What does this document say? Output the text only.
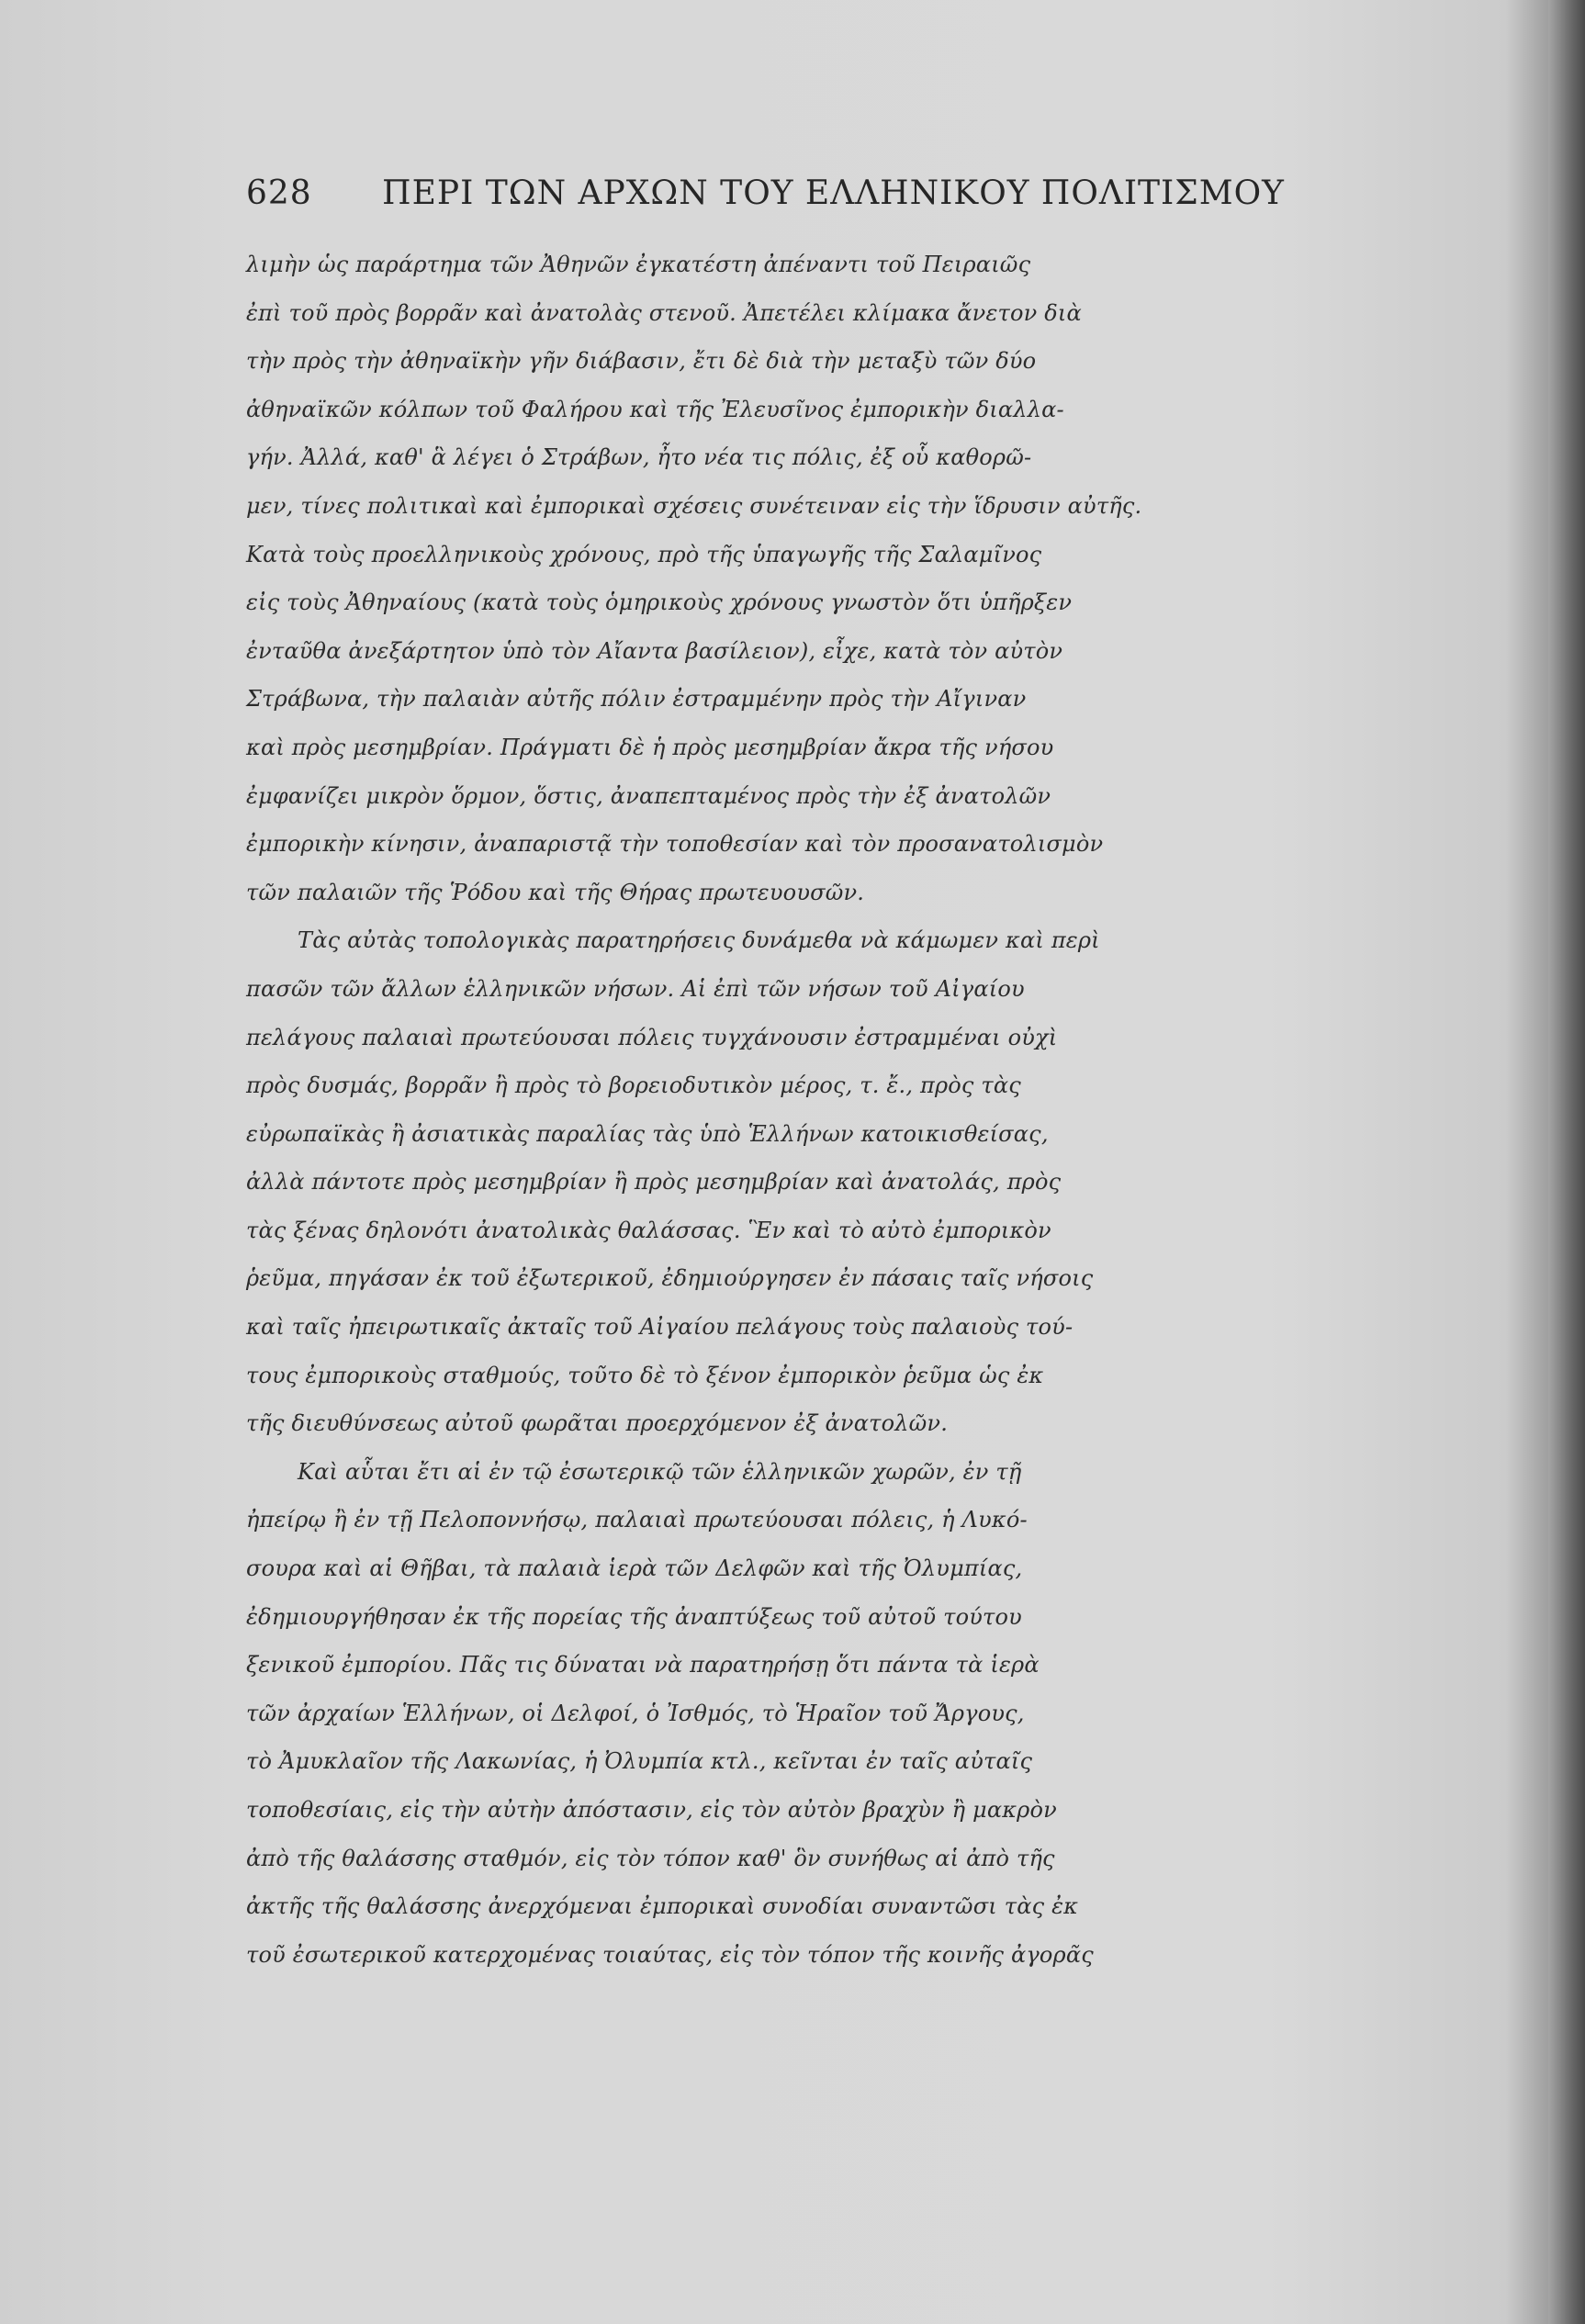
628 ΠΕΡΙ ΤΩΝ ΑΡΧΩΝ ΤΟΥ ΕΛΛΗΝΙΚΟΥ ΠΟΛΙΤΙΣΜΟΥ
λιμὴν ὡς παράρτημα τῶν Ἀθηνῶν ἐγκατέστη ἀπέναντι τοῦ Πειραιῶς
ἐπὶ τοῦ πρὸς βορρᾶν καὶ ἀνατολὰς στενοῦ. Ἀπετέλει κλίμακα ἄνετον διὰ
τὴν πρὸς τὴν ἀθηναϊκὴν γῆν διάβασιν, ἔτι δὲ διὰ τὴν μεταξὺ τῶν δύο
ἀθηναϊκῶν κόλπων τοῦ Φαλήρου καὶ τῆς Ἐλευσῖνος ἐμπορικὴν διαλλα-
γήν. Ἀλλά, καθ' ἃ λέγει ὁ Στράβων, ἦτο νέα τις πόλις, ἐξ οὗ καθορῶ-
μεν, τίνες πολιτικαὶ καὶ ἐμπορικαὶ σχέσεις συνέτειναν εἰς τὴν ἵδρυσιν αὐτῆς.
Κατὰ τοὺς προελληνικοὺς χρόνους, πρὸ τῆς ὑπαγωγῆς τῆς Σαλαμῖνος
εἰς τοὺς Ἀθηναίους (κατὰ τοὺς ὁμηρικοὺς χρόνους γνωστὸν ὅτι ὑπῆρξεν
ἐνταῦθα ἀνεξάρτητον ὑπὸ τὸν Αἴαντα βασίλειον), εἶχε, κατὰ τὸν αὐτὸν
Στράβωνα, τὴν παλαιὰν αὐτῆς πόλιν ἐστραμμένην πρὸς τὴν Αἴγιναν
καὶ πρὸς μεσημβρίαν. Πράγματι δὲ ἡ πρὸς μεσημβρίαν ἄκρα τῆς νήσου
ἐμφανίζει μικρὸν ὅρμον, ὅστις, ἀναπεπταμένος πρὸς τὴν ἐξ ἀνατολῶν
ἐμπορικὴν κίνησιν, ἀναπαριστᾷ τὴν τοποθεσίαν καὶ τὸν προσανατολισμὸν
τῶν παλαιῶν τῆς Ῥόδου καὶ τῆς Θήρας πρωτευουσῶν.
Τὰς αὐτὰς τοπολογικὰς παρατηρήσεις δυνάμεθα νὰ κάμωμεν καὶ περὶ
πασῶν τῶν ἄλλων ἑλληνικῶν νήσων. Αἱ ἐπὶ τῶν νήσων τοῦ Αἰγαίου
πελάγους παλαιαὶ πρωτεύουσαι πόλεις τυγχάνουσιν ἐστραμμέναι οὐχὶ
πρὸς δυσμάς, βορρᾶν ἢ πρὸς τὸ βορειοδυτικὸν μέρος, τ. ἔ., πρὸς τὰς
εὐρωπαϊκὰς ἢ ἀσιατικὰς παραλίας τὰς ὑπὸ Ἑλλήνων κατοικισθείσας,
ἀλλὰ πάντοτε πρὸς μεσημβρίαν ἢ πρὸς μεσημβρίαν καὶ ἀνατολάς, πρὸς
τὰς ξένας δηλονότι ἀνατολικὰς θαλάσσας. Ἓν καὶ τὸ αὐτὸ ἐμπορικὸν
ῥεῦμα, πηγάσαν ἐκ τοῦ ἐξωτερικοῦ, ἐδημιούργησεν ἐν πάσαις ταῖς νήσοις
καὶ ταῖς ἠπειρωτικαῖς ἀκταῖς τοῦ Αἰγαίου πελάγους τοὺς παλαιοὺς τού-
τους ἐμπορικοὺς σταθμούς, τοῦτο δὲ τὸ ξένον ἐμπορικὸν ῥεῦμα ὡς ἐκ
τῆς διευθύνσεως αὐτοῦ φωρᾶται προερχόμενον ἐξ ἀνατολῶν.
Καὶ αὗται ἔτι αἱ ἐν τῷ ἐσωτερικῷ τῶν ἑλληνικῶν χωρῶν, ἐν τῇ
ἠπείρῳ ἢ ἐν τῇ Πελοποννήσῳ, παλαιαὶ πρωτεύουσαι πόλεις, ἡ Λυκό-
σουρα καὶ αἱ Θῆβαι, τὰ παλαιὰ ἱερὰ τῶν Δελφῶν καὶ τῆς Ὀλυμπίας,
ἐδημιουργήθησαν ἐκ τῆς πορείας τῆς ἀναπτύξεως τοῦ αὐτοῦ τούτου
ξενικοῦ ἐμπορίου. Πᾶς τις δύναται νὰ παρατηρήσῃ ὅτι πάντα τὰ ἱερὰ
τῶν ἀρχαίων Ἑλλήνων, οἱ Δελφοί, ὁ Ἰσθμός, τὸ Ἡραῖον τοῦ Ἄργους,
τὸ Ἀμυκλαῖον τῆς Λακωνίας, ἡ Ὀλυμπία κτλ., κεῖνται ἐν ταῖς αὐταῖς
τοποθεσίαις, εἰς τὴν αὐτὴν ἀπόστασιν, εἰς τὸν αὐτὸν βραχὺν ἢ μακρὸν
ἀπὸ τῆς θαλάσσης σταθμόν, εἰς τὸν τόπον καθ' ὃν συνήθως αἱ ἀπὸ τῆς
ἀκτῆς τῆς θαλάσσης ἀνερχόμεναι ἐμπορικαὶ συνοδίαι συναντῶσι τὰς ἐκ
τοῦ ἐσωτερικοῦ κατερχομένας τοιαύτας, εἰς τὸν τόπον τῆς κοινῆς ἀγορᾶς
